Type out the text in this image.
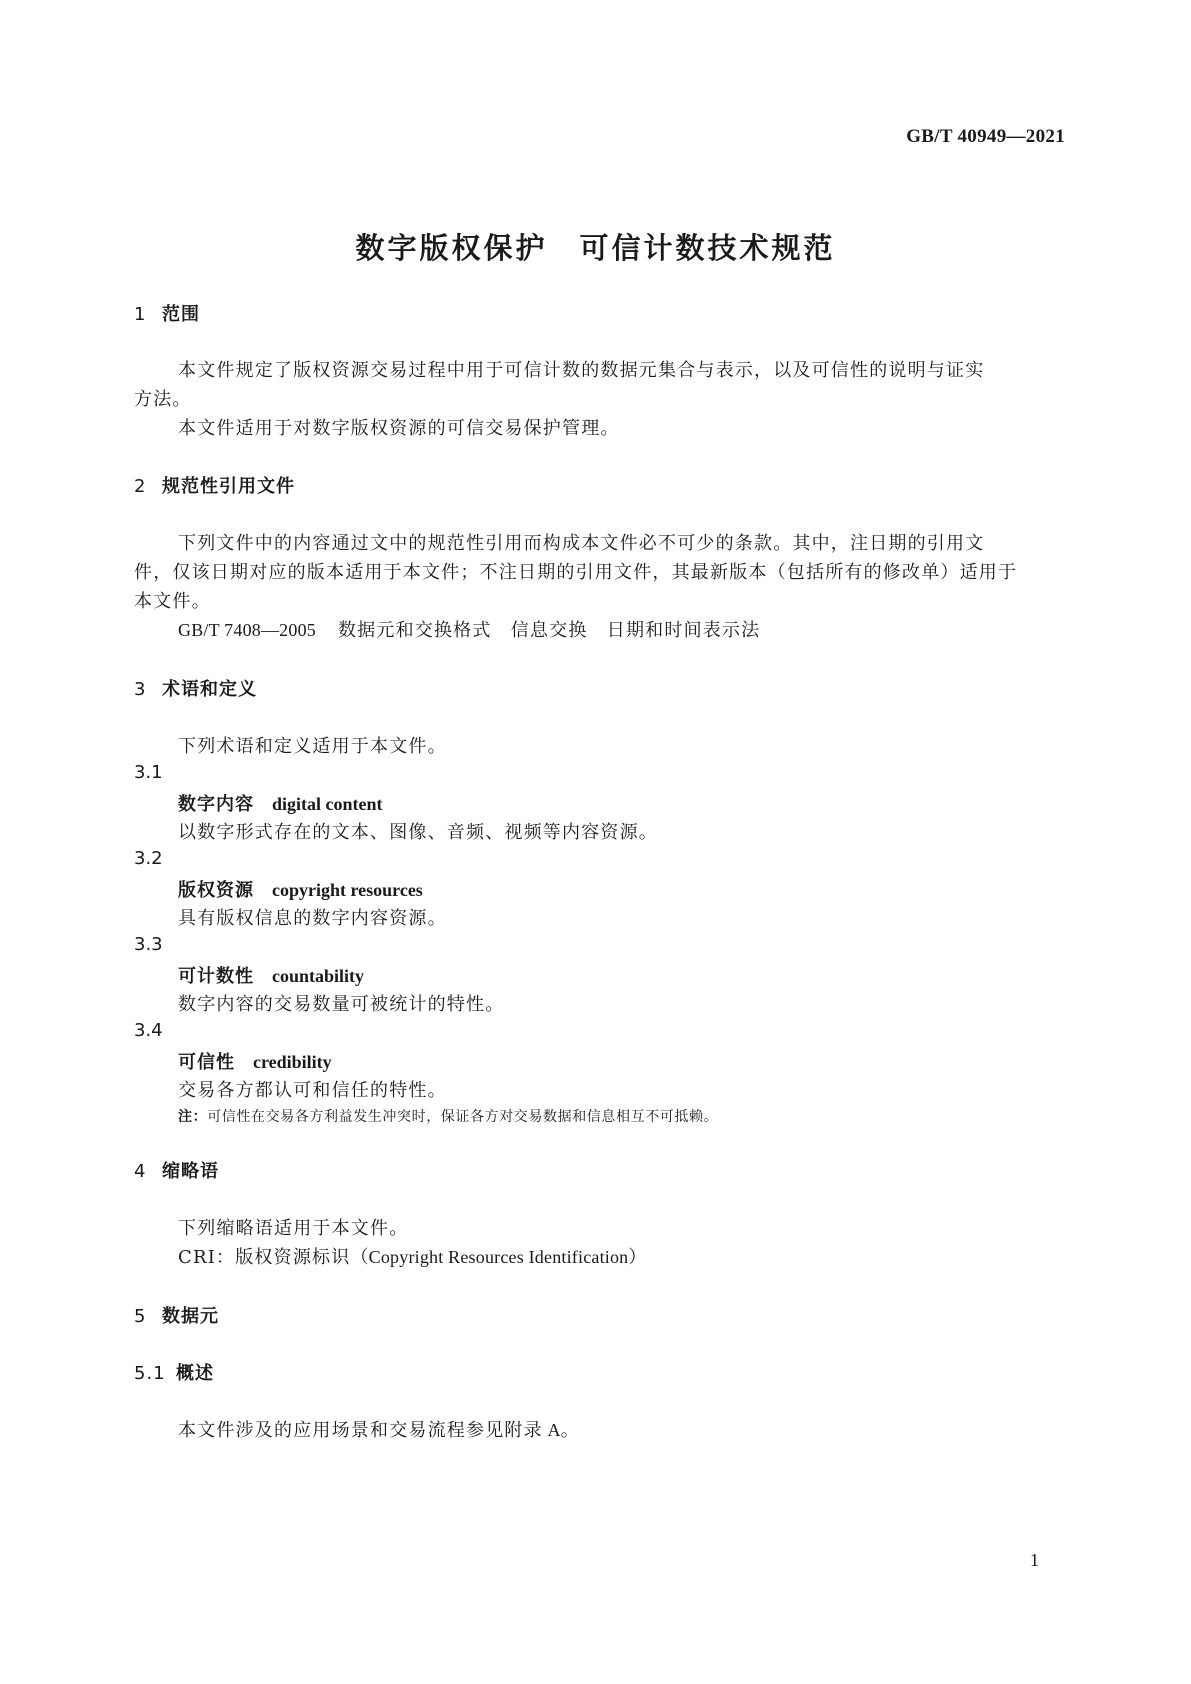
GB/T 40949—2021
数字版权保护　可信计数技术规范
1 范围
本文件规定了版权资源交易过程中用于可信计数的数据元集合与表示，以及可信性的说明与证实
方法。
本文件适用于对数字版权资源的可信交易保护管理。
2 规范性引用文件
下列文件中的内容通过文中的规范性引用而构成本文件必不可少的条款。其中，注日期的引用文
件，仅该日期对应的版本适用于本文件；不注日期的引用文件，其最新版本（包括所有的修改单）适用于
本文件。
GB/T 7408—2005 数据元和交换格式　信息交换　日期和时间表示法
3 术语和定义
下列术语和定义适用于本文件。
3.1
数字内容 digital content
以数字形式存在的文本、图像、音频、视频等内容资源。
3.2
版权资源 copyright resources
具有版权信息的数字内容资源。
3.3
可计数性 countability
数字内容的交易数量可被统计的特性。
3.4
可信性 credibility
交易各方都认可和信任的特性。
注：可信性在交易各方利益发生冲突时，保证各方对交易数据和信息相互不可抵赖。
4 缩略语
下列缩略语适用于本文件。
CRI：版权资源标识（Copyright Resources Identification）
5 数据元
5.1 概述
本文件涉及的应用场景和交易流程参见附录 A。
1
